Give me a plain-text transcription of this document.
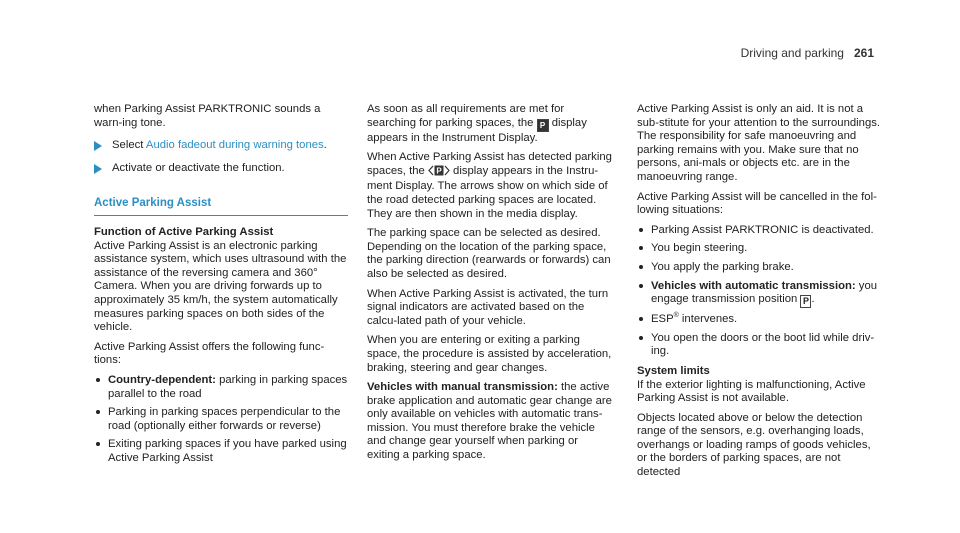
Driving and parking 261

when Parking Assist PARKTRONIC sounds a warn-ing tone.

Select Audio fadeout during warning tones.
Activate or deactivate the function.
Active Parking Assist
Function of Active Parking Assist

Active Parking Assist is an electronic parking assistance system, which uses ultrasound with the assistance of the reversing camera and 360° Camera. When you are driving forwards up to approximately 35 km/h, the system automatically measures parking spaces on both sides of the vehicle.

Active Parking Assist offers the following func-tions:

Country-dependent: parking in parking spaces parallel to the road
Parking in parking spaces perpendicular to the road (optionally either forwards or reverse)
Exiting parking spaces if you have parked using Active Parking Assist

As soon as all requirements are met for searching for parking spaces, the P display appears in the Instrument Display.

When Active Parking Assist has detected parking spaces, the P display appears in the Instru-ment Display. The arrows show on which side of the road detected parking spaces are located. They are then shown in the media display.

The parking space can be selected as desired. Depending on the location of the parking space, the parking direction (rearwards or forwards) can also be selected as desired.

When Active Parking Assist is activated, the turn signal indicators are activated based on the calcu-lated path of your vehicle.

When you are entering or exiting a parking space, the procedure is assisted by acceleration, braking, steering and gear changes.

Vehicles with manual transmission: the active brake application and automatic gear change are only available on vehicles with automatic trans-mission. You must therefore brake the vehicle and change gear yourself when parking or exiting a parking space.

Active Parking Assist is only an aid. It is not a sub-stitute for your attention to the surroundings. The responsibility for safe manoeuvring and parking remains with you. Make sure that no persons, ani-mals or objects etc. are in the manoeuvring range.

Active Parking Assist will be cancelled in the fol-lowing situations:

Parking Assist PARKTRONIC is deactivated.
You begin steering.
You apply the parking brake.
Vehicles with automatic transmission: you engage transmission position P .
ESP® intervenes.
You open the doors or the boot lid while driv-ing.
System limits

If the exterior lighting is malfunctioning, Active Parking Assist is not available.

Objects located above or below the detection range of the sensors, e.g. overhanging loads, overhangs or loading ramps of goods vehicles, or the borders of parking spaces, are not detected
